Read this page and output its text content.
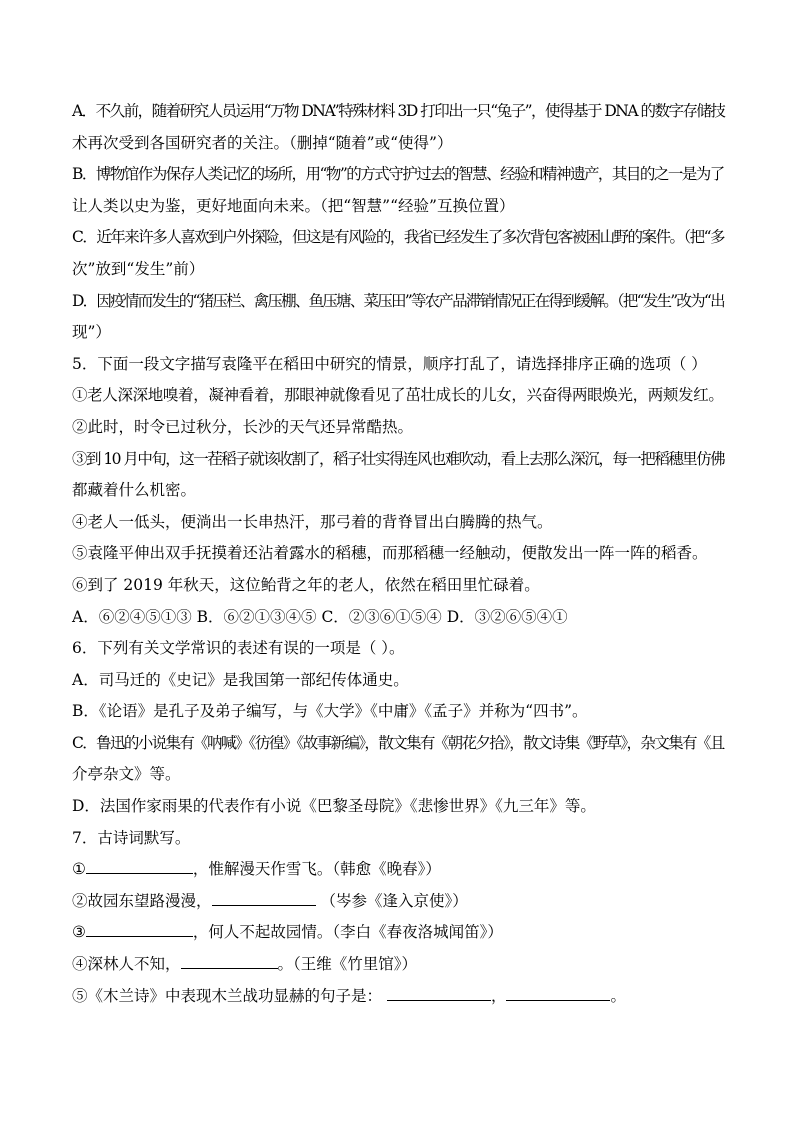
A．不久前，随着研究人员运用“万物 DNA”特殊材料 3D 打印出一只“兔子”，使得基于 DNA 的数字存储技
术再次受到各国研究者的关注。（删掉“随着”或“使得”）
B．博物馆作为保存人类记忆的场所，用“物”的方式守护过去的智慧、经验和精神遗产，其目的之一是为了
让人类以史为鉴，更好地面向未来。（把“智慧”“经验”互换位置）
C．近年来许多人喜欢到户外探险，但这是有风险的，我省已经发生了多次背包客被困山野的案件。（把“多
次”放到“发生”前）
D．因疫情而发生的“猪压栏、禽压棚、鱼压塘、菜压田”等农产品滞销情况正在得到缓解。（把“发生”改为“出
现”）
5．下面一段文字描写袁隆平在稻田中研究的情景，顺序打乱了，请选择排序正确的选项（ ）
①老人深深地嗅着，凝神看着，那眼神就像看见了茁壮成长的儿女，兴奋得两眼焕光，两颊发红。
②此时，时令已过秋分，长沙的天气还异常酷热。
③到 10 月中旬，这一茬稻子就该收割了，稻子壮实得连风也难吹动，看上去那么深沉，每一把稻穗里仿佛
都藏着什么机密。
④老人一低头，便淌出一长串热汗，那弓着的背脊冒出白腾腾的热气。
⑤袁隆平伸出双手抚摸着还沾着露水的稻穗，而那稻穗一经触动，便散发出一阵一阵的稻香。
⑥到了 2019 年秋天，这位鲐背之年的老人，依然在稻田里忙碌着。
A．⑥②④⑤①③ B．⑥②①③④⑤ C．②③⑥①⑤④ D．③②⑥⑤④①
6．下列有关文学常识的表述有误的一项是（ ）。
A．司马迁的《史记》是我国第一部纪传体通史。
B．《论语》是孔子及弟子编写，与《大学》《中庸》《孟子》并称为“四书”。
C．鲁迅的小说集有《呐喊》《彷徨》《故事新编》，散文集有《朝花夕拾》，散文诗集《野草》，杂文集有《且
介亭杂文》等。
D．法国作家雨果的代表作有小说《巴黎圣母院》《悲惨世界》《九三年》等。
7．古诗词默写。
①	，惟解漫天作雪飞。（韩愈《晚春》）
②故园东望路漫漫，	（岑参《逢入京使》）
③	，何人不起故园情。（李白《春夜洛城闻笛》）
④深林人不知，	。（王维《竹里馆》）
⑤《木兰诗》中表现木兰战功显赫的句子是：	，	。
